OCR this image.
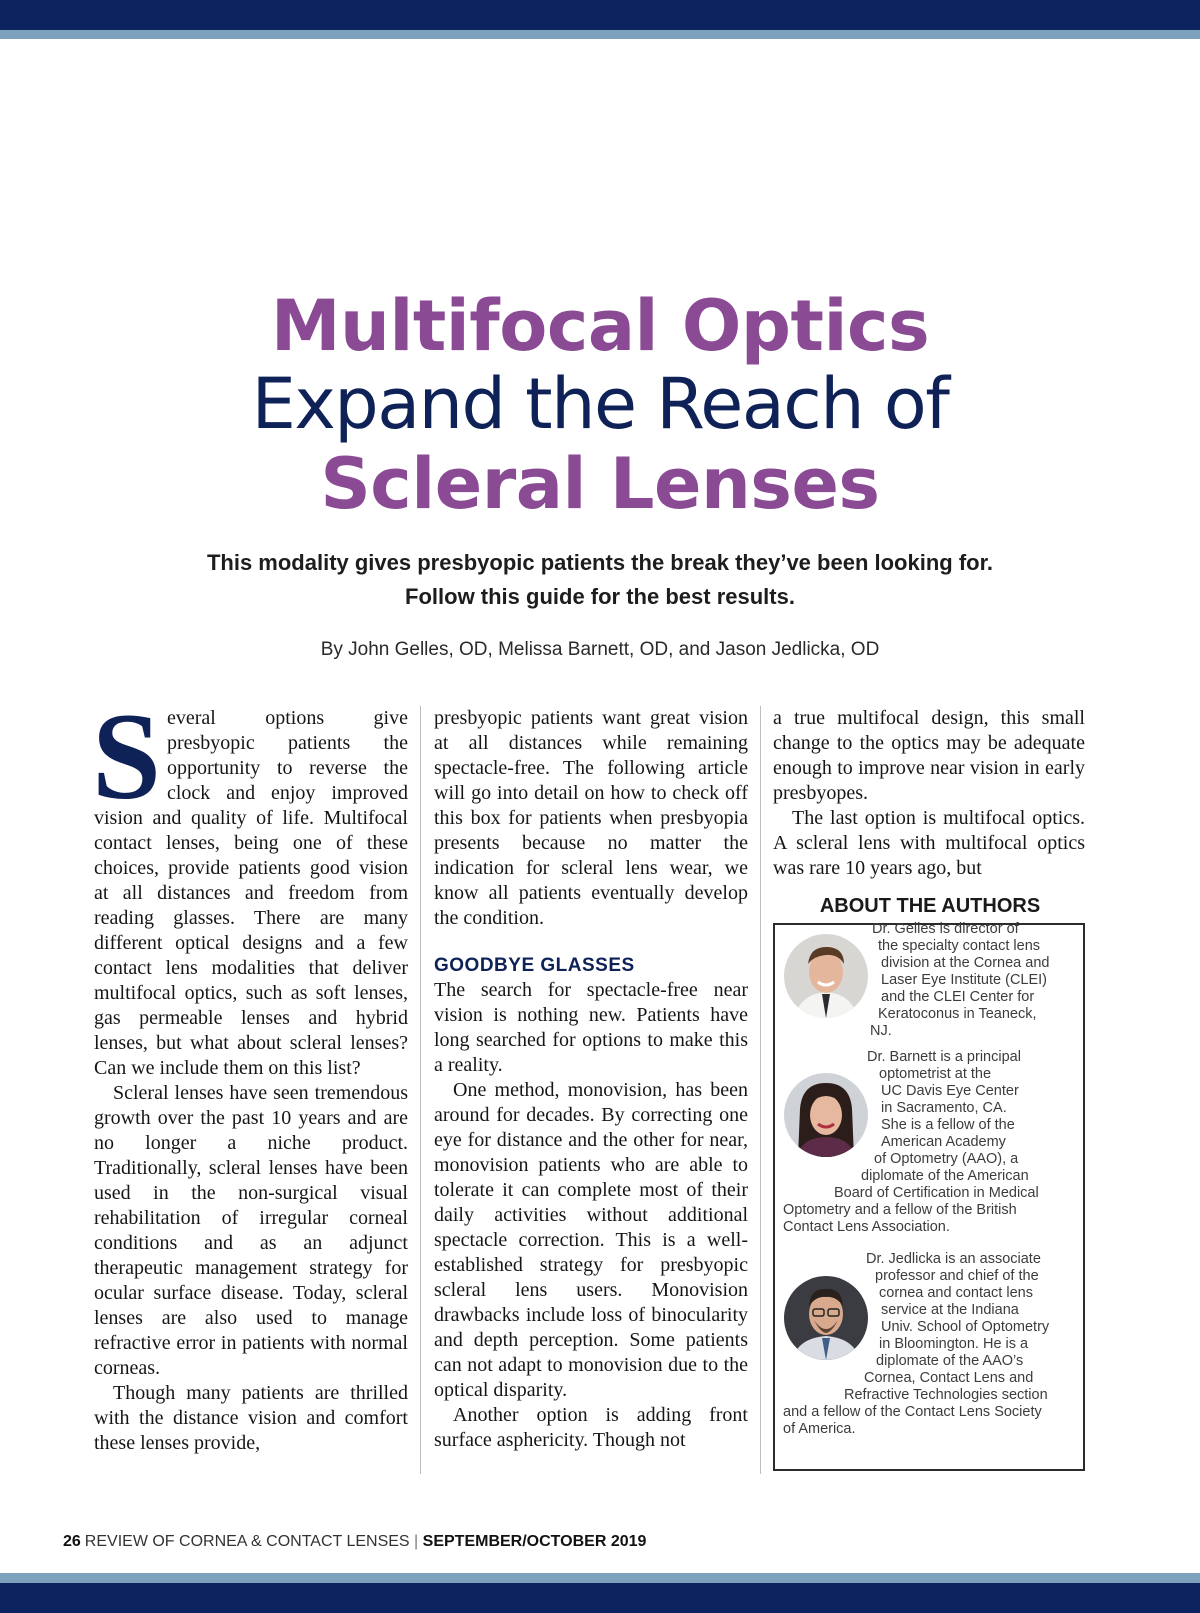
Multifocal Optics
Expand the Reach of
Scleral Lenses
This modality gives presbyopic patients the break they’ve been looking for.
Follow this guide for the best results.

By John Gelles, OD, Melissa Barnett, OD, and Jason Jedlicka, OD

Several options give presbyopic patients the opportunity to reverse the clock and enjoy improved vision and quality of life. Multifocal contact lenses, being one of these choices, provide patients good vision at all distances and freedom from reading glasses. There are many different optical designs and a few contact lens modalities that deliver multifocal optics, such as soft lenses, gas permeable lenses and hybrid lenses, but what about scleral lenses? Can we include them on this list?

Scleral lenses have seen tremendous growth over the past 10 years and are no longer a niche product. Traditionally, scleral lenses have been used in the non-surgical visual rehabilitation of irregular corneal conditions and as an adjunct therapeutic management strategy for ocular surface disease. Today, scleral lenses are also used to manage refractive error in patients with normal corneas.

Though many patients are thrilled with the distance vision and comfort these lenses provide,

presbyopic patients want great vision at all distances while remaining spectacle-free. The following article will go into detail on how to check off this box for patients when presbyopia presents because no matter the indication for scleral lens wear, we know all patients eventually develop the condition.

GOODBYE GLASSES

The search for spectacle-free near vision is nothing new. Patients have long searched for options to make this a reality.

One method, monovision, has been around for decades. By correcting one eye for distance and the other for near, monovision patients who are able to tolerate it can complete most of their daily activities without additional spectacle correction. This is a well-established strategy for presbyopic scleral lens users. Monovision drawbacks include loss of binocularity and depth perception. Some patients can not adapt to monovision due to the optical disparity.

Another option is adding front surface asphericity. Though not

a true multifocal design, this small change to the optics may be adequate enough to improve near vision in early presbyopes.

The last option is multifocal optics. A scleral lens with multifocal optics was rare 10 years ago, but

ABOUT THE AUTHORS

Dr. Gelles is director of
the specialty contact lens
division at the Cornea and
Laser Eye Institute (CLEI)
and the CLEI Center for
Keratoconus in Teaneck,
NJ.
Dr. Barnett is a principal
optometrist at the
UC Davis Eye Center
in Sacramento, CA.
She is a fellow of the
American Academy
of Optometry (AAO), a
diplomate of the American
Board of Certification in Medical
Optometry and a fellow of the British
Contact Lens Association.
Dr. Jedlicka is an associate
professor and chief of the
cornea and contact lens
service at the Indiana
Univ. School of Optometry
in Bloomington. He is a
diplomate of the AAO’s
Cornea, Contact Lens and
Refractive Technologies section
and a fellow of the Contact Lens Society
of America.

26 REVIEW OF CORNEA & CONTACT LENSES | SEPTEMBER/OCTOBER 2019
